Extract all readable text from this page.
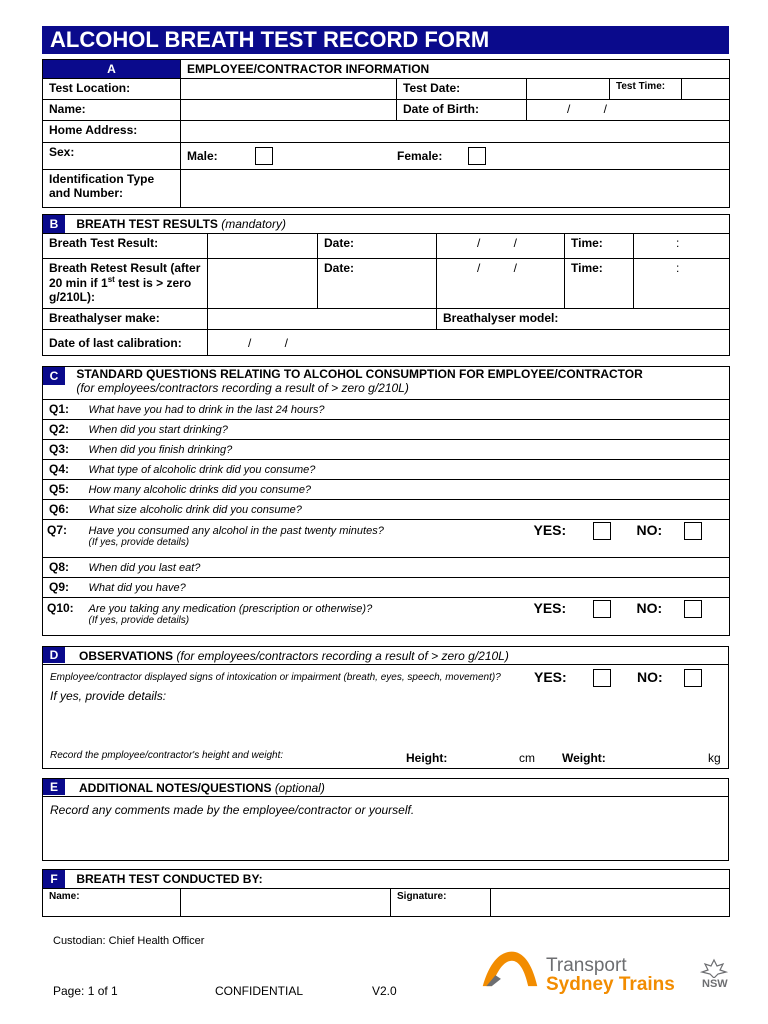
ALCOHOL BREATH TEST RECORD FORM
A	EMPLOYEE/CONTRACTOR INFORMATION				
Test Location:		Test Date:		Test Time:	
Name:		Date of Birth:	/          /		
Home Address:					
Sex:	Male: Female:				

Identification Type and Number:					
B BREATH TEST RESULTS (mandatory)					
Breath Test Result:		Date:	/          /	Time:	:
Breath Retest Result (after 20 min if 1st test is > zero g/210L):		Date:	/          /	Time:	:
Breathalyser make:			Breathalyser model:		
Date of last calibration:	/          /				
C STANDARD QUESTIONS RELATING TO ALCOHOL CONSUMPTION FOR EMPLOYEE/CONTRACTOR
(for employees/contractors recording a result of > zero g/210L)	

Q1:	What have you had to drink in the last 24 hours?
Q2:	When did you start drinking?
Q3:	When did you finish drinking?
Q4:	What type of alcoholic drink did you consume?
Q5:	How many alcoholic drinks did you consume?
Q6:	What size alcoholic drink did you consume?
Q7:	Have you consumed any alcohol in the past twenty minutes?
(If yes, provide details)
YES: NO:

Q8:	When did you last eat?
Q9:	What did you have?
Q10:	Are you taking any medication (prescription or otherwise)?
(If yes, provide details)
YES: NO:
D	OBSERVATIONS (for employees/contractors recording a result of > zero g/210L)
Employee/contractor displayed signs of intoxication or impairment (breath, eyes, speech, movement)? YES:	NO:
If yes, provide details:
Record the pmployee/contractor's height and weight:	Height:	cm Weight:	kg
E	ADDITIONAL NOTES/QUESTIONS (optional)
Record any comments made by the employee/contractor or yourself.
F BREATH TEST CONDUCTED BY:
Name:		Signature:	
Custodian: Chief Health Officer
Page: 1 of 1	CONFIDENTIAL	V2.0
Transport
Sydney Trains NSW
